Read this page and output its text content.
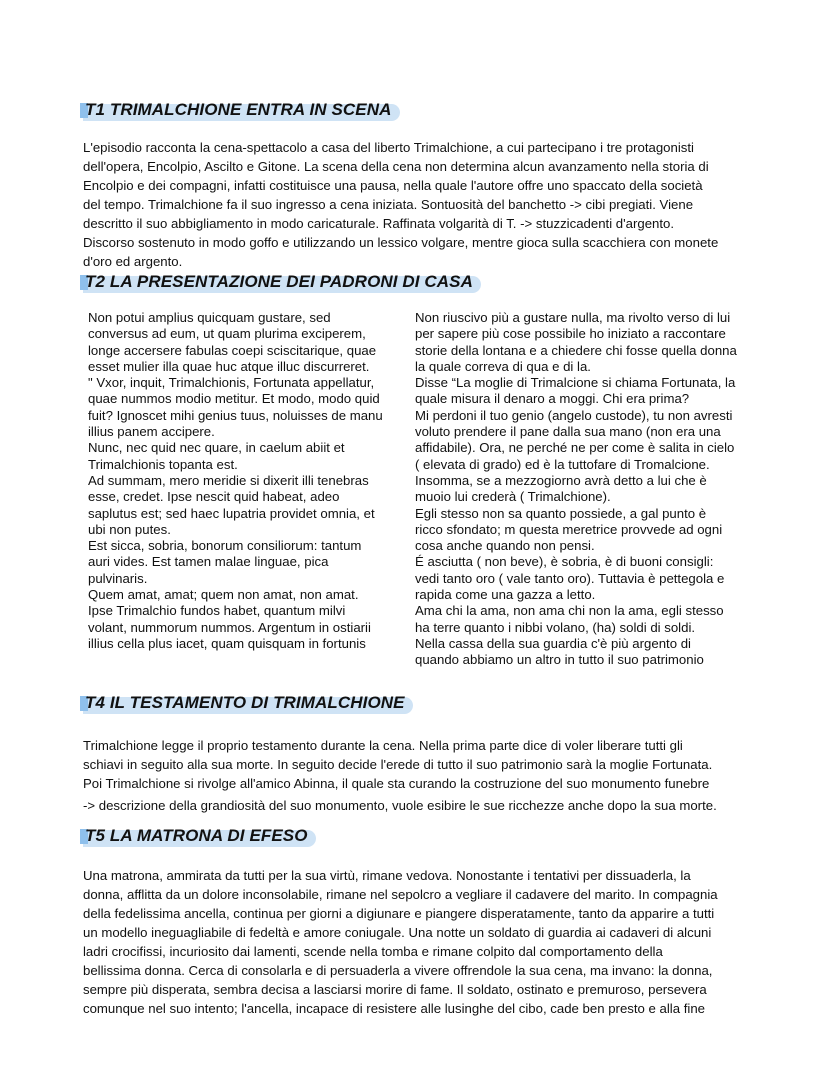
T1 TRIMALCHIONE ENTRA IN SCENA
L'episodio racconta la cena-spettacolo a casa del liberto Trimalchione, a cui partecipano i tre protagonisti
dell'opera, Encolpio, Ascilto e Gitone. La scena della cena non determina alcun avanzamento nella storia di
Encolpio e dei compagni, infatti costituisce una pausa, nella quale l'autore offre uno spaccato della società
del tempo. Trimalchione fa il suo ingresso a cena iniziata. Sontuosità del banchetto -> cibi pregiati. Viene
descritto il suo abbigliamento in modo caricaturale. Raffinata volgarità di T. -> stuzzicadenti d'argento.
Discorso sostenuto in modo goffo e utilizzando un lessico volgare, mentre gioca sulla scacchiera con monete
d'oro ed argento.
T2 LA PRESENTAZIONE DEI PADRONI DI CASA
Non potui amplius quicquam gustare, sed
conversus ad eum, ut quam plurima exciperem,
longe accersere fabulas coepi sciscitarique, quae
esset mulier illa quae huc atque illuc discurreret.
" Vxor, inquit, Trimalchionis, Fortunata appellatur,
quae nummos modio metitur. Et modo, modo quid
fuit? Ignoscet mihi genius tuus, noluisses de manu
illius panem accipere.
Nunc, nec quid nec quare, in caelum abiit et
Trimalchionis topanta est.
Ad summam, mero meridie si dixerit illi tenebras
esse, credet. Ipse nescit quid habeat, adeo
saplutus est; sed haec lupatria providet omnia, et
ubi non putes.
Est sicca, sobria, bonorum consiliorum: tantum
auri vides. Est tamen malae linguae, pica
pulvinaris.
Quem amat, amat; quem non amat, non amat.
Ipse Trimalchio fundos habet, quantum milvi
volant, nummorum nummos. Argentum in ostiarii
illius cella plus iacet, quam quisquam in fortunis
Non riuscivo più a gustare nulla, ma rivolto verso di lui
per sapere più cose possibile ho iniziato a raccontare
storie della lontana e a chiedere chi fosse quella donna
la quale correva di qua e di la.
Disse “La moglie di Trimalcione si chiama Fortunata, la
quale misura il denaro a moggi. Chi era prima?
Mi perdoni il tuo genio (angelo custode), tu non avresti
voluto prendere il pane dalla sua mano (non era una
affidabile). Ora, ne perché ne per come è salita in cielo
( elevata di grado) ed è la tuttofare di Tromalcione.
Insomma, se a mezzogiorno avrà detto a lui che è
muoio lui crederà ( Trimalchione).
Egli stesso non sa quanto possiede, a gal punto è
ricco sfondato; m questa meretrice provvede ad ogni
cosa anche quando non pensi.
É asciutta ( non beve), è sobria, è di buoni consigli:
vedi tanto oro ( vale tanto oro). Tuttavia è pettegola e
rapida come una gazza a letto.
Ama chi la ama, non ama chi non la ama, egli stesso
ha terre quanto i nibbi volano, (ha) soldi di soldi.
Nella cassa della sua guardia c'è più argento di
quando abbiamo un altro in tutto il suo patrimonio
T4 IL TESTAMENTO DI TRIMALCHIONE
Trimalchione legge il proprio testamento durante la cena. Nella prima parte dice di voler liberare tutti gli
schiavi in seguito alla sua morte. In seguito decide l'erede di tutto il suo patrimonio sarà la moglie Fortunata.
Poi Trimalchione si rivolge all'amico Abinna, il quale sta curando la costruzione del suo monumento funebre
-> descrizione della grandiosità del suo monumento, vuole esibire le sue ricchezze anche dopo la sua morte.
T5 LA MATRONA DI EFESO
Una matrona, ammirata da tutti per la sua virtù, rimane vedova. Nonostante i tentativi per dissuaderla, la
donna, afflitta da un dolore inconsolabile, rimane nel sepolcro a vegliare il cadavere del marito. In compagnia
della fedelissima ancella, continua per giorni a digiunare e piangere disperatamente, tanto da apparire a tutti
un modello ineguagliabile di fedeltà e amore coniugale. Una notte un soldato di guardia ai cadaveri di alcuni
ladri crocifissi, incuriosito dai lamenti, scende nella tomba e rimane colpito dal comportamento della
bellissima donna. Cerca di consolarla e di persuaderla a vivere offrendole la sua cena, ma invano: la donna,
sempre più disperata, sembra decisa a lasciarsi morire di fame. Il soldato, ostinato e premuroso, persevera
comunque nel suo intento; l'ancella, incapace di resistere alle lusinghe del cibo, cade ben presto e alla fine
